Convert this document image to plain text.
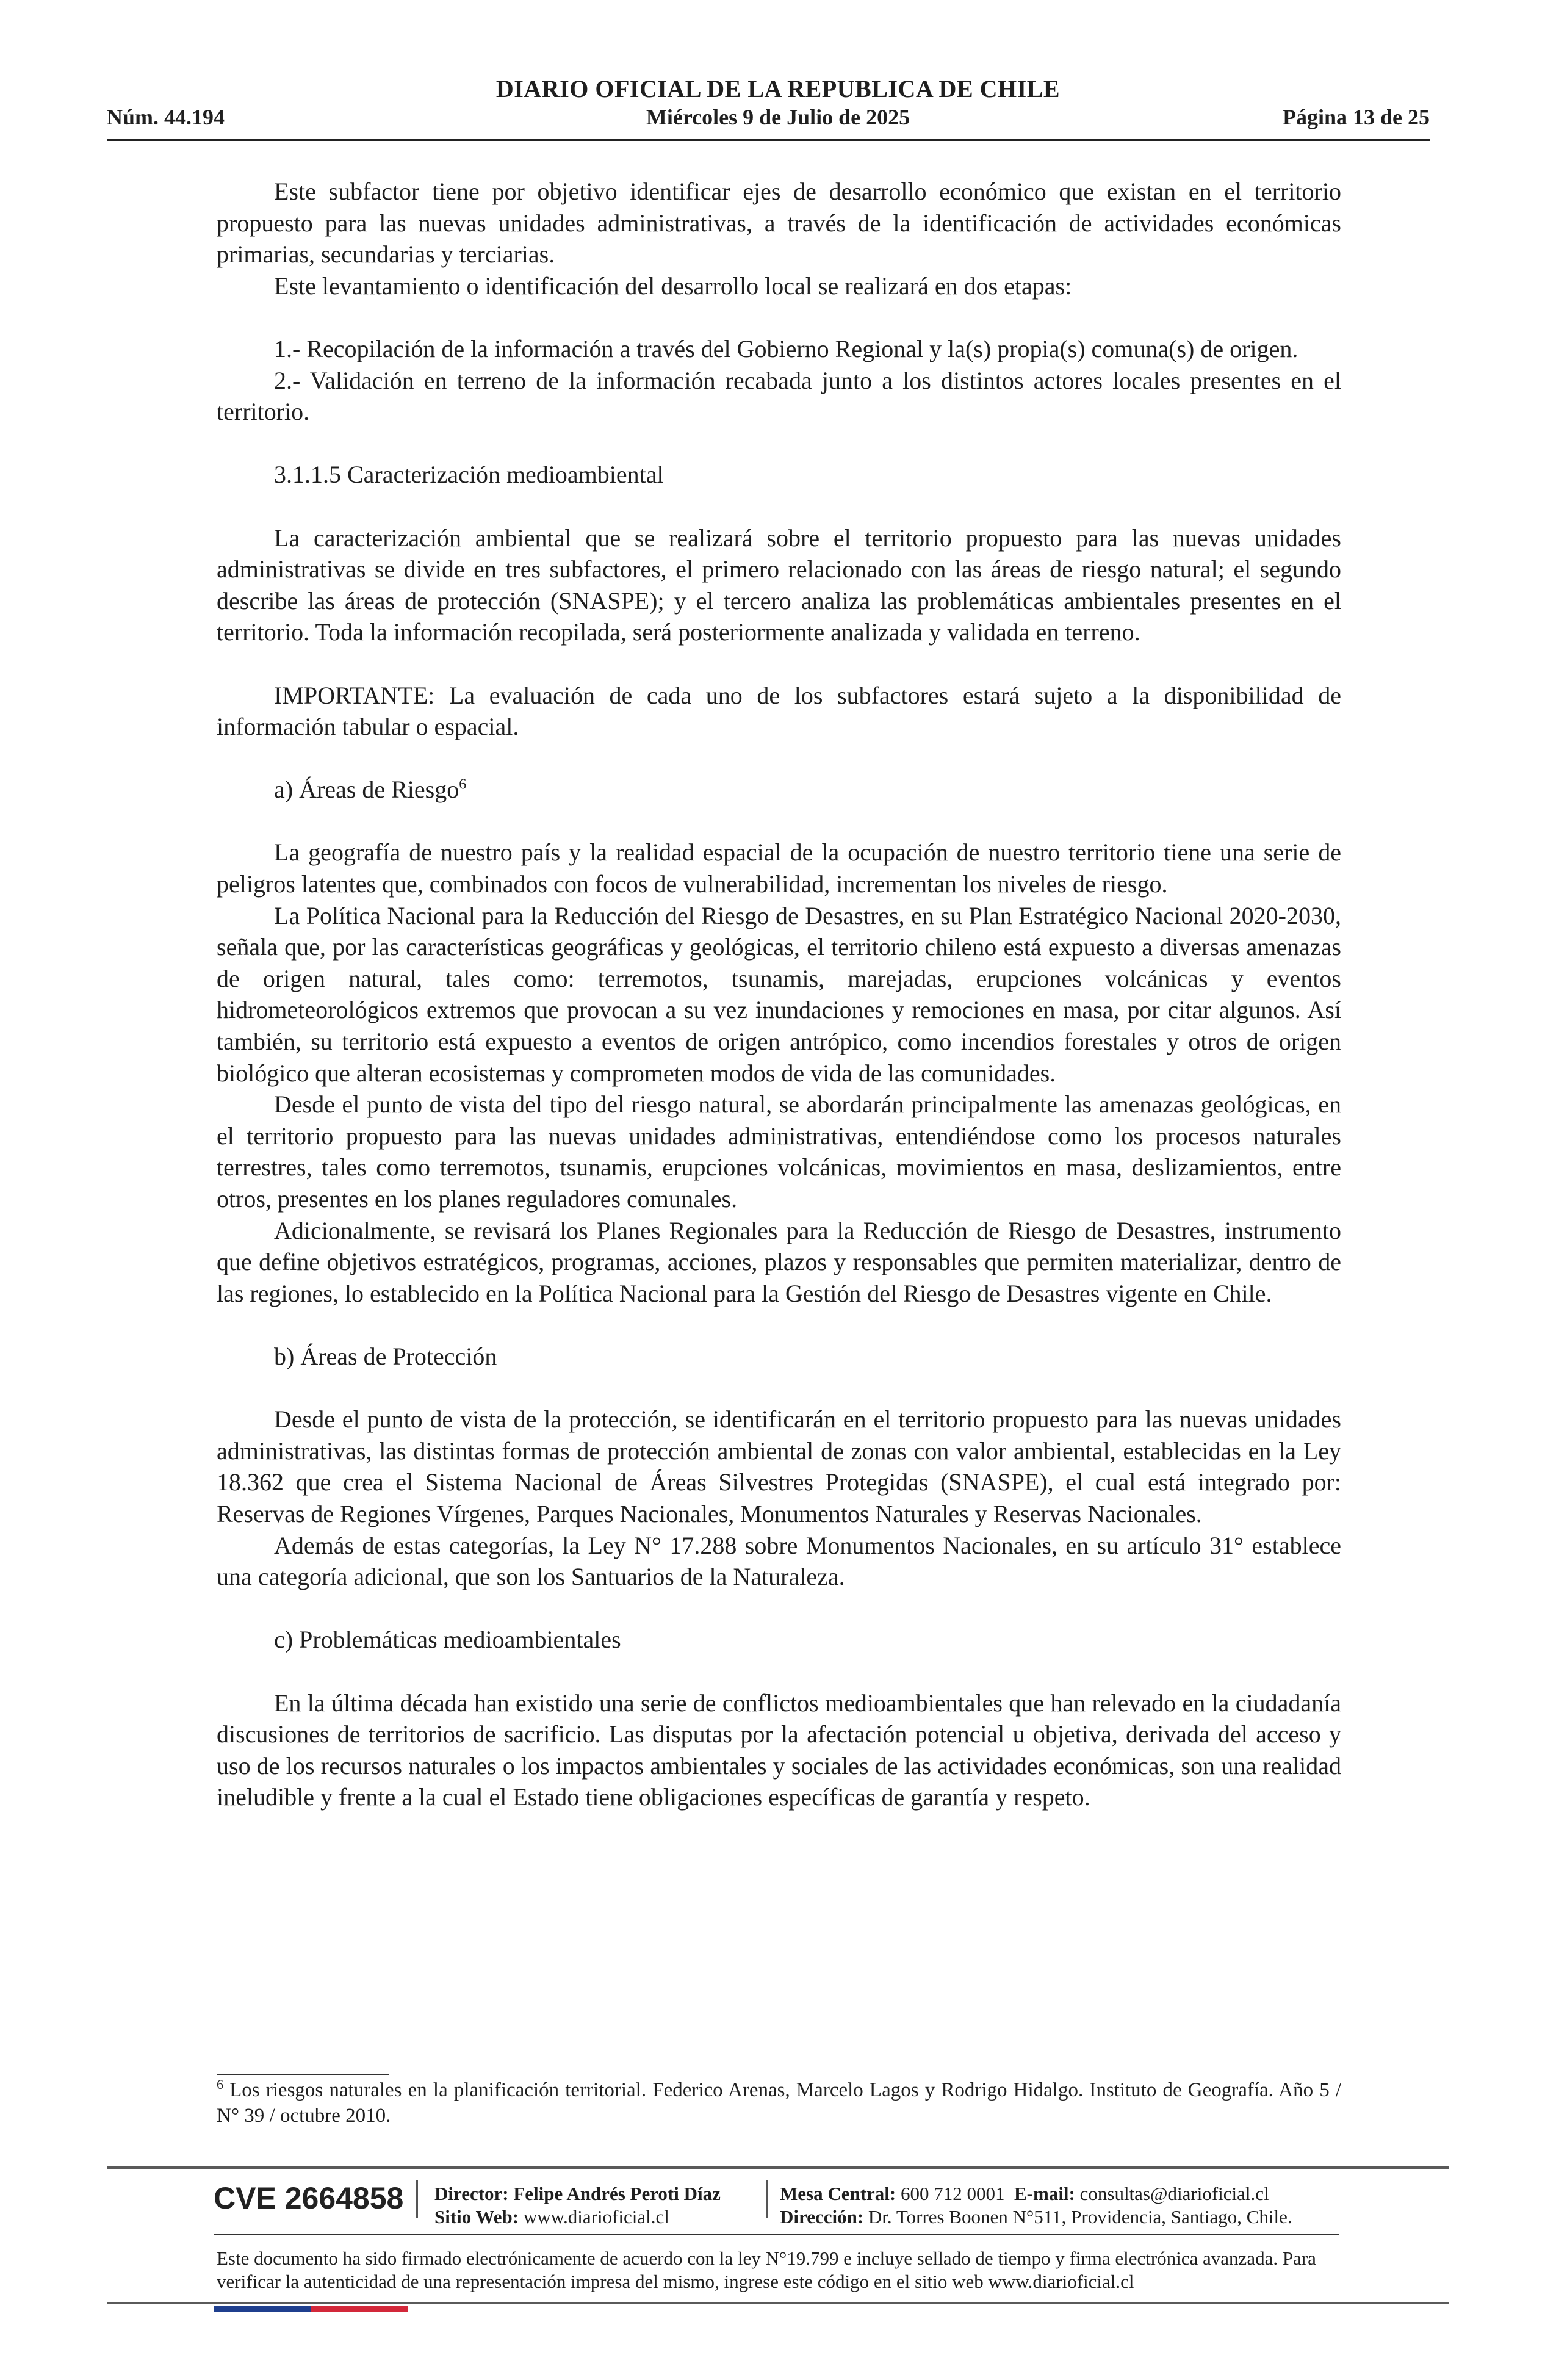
DIARIO OFICIAL DE LA REPUBLICA DE CHILE
Núm. 44.194	Miércoles 9 de Julio de 2025	Página 13 de 25

Este subfactor tiene por objetivo identificar ejes de desarrollo económico que existan en el territorio propuesto para las nuevas unidades administrativas, a través de la identificación de actividades económicas primarias, secundarias y terciarias.

Este levantamiento o identificación del desarrollo local se realizará en dos etapas:

1.- Recopilación de la información a través del Gobierno Regional y la(s) propia(s) comuna(s) de origen.

2.- Validación en terreno de la información recabada junto a los distintos actores locales presentes en el territorio.

3.1.1.5 Caracterización medioambiental

La caracterización ambiental que se realizará sobre el territorio propuesto para las nuevas unidades administrativas se divide en tres subfactores, el primero relacionado con las áreas de riesgo natural; el segundo describe las áreas de protección (SNASPE); y el tercero analiza las problemáticas ambientales presentes en el territorio. Toda la información recopilada, será posteriormente analizada y validada en terreno.

IMPORTANTE: La evaluación de cada uno de los subfactores estará sujeto a la disponibilidad de información tabular o espacial.

a) Áreas de Riesgo$^6$

La geografía de nuestro país y la realidad espacial de la ocupación de nuestro territorio tiene una serie de peligros latentes que, combinados con focos de vulnerabilidad, incrementan los niveles de riesgo.

La Política Nacional para la Reducción del Riesgo de Desastres, en su Plan Estratégico Nacional 2020-2030, señala que, por las características geográficas y geológicas, el territorio chileno está expuesto a diversas amenazas de origen natural, tales como: terremotos, tsunamis, marejadas, erupciones volcánicas y eventos hidrometeorológicos extremos que provocan a su vez inundaciones y remociones en masa, por citar algunos. Así también, su territorio está expuesto a eventos de origen antrópico, como incendios forestales y otros de origen biológico que alteran ecosistemas y comprometen modos de vida de las comunidades.

Desde el punto de vista del tipo del riesgo natural, se abordarán principalmente las amenazas geológicas, en el territorio propuesto para las nuevas unidades administrativas, entendiéndose como los procesos naturales terrestres, tales como terremotos, tsunamis, erupciones volcánicas, movimientos en masa, deslizamientos, entre otros, presentes en los planes reguladores comunales.

Adicionalmente, se revisará los Planes Regionales para la Reducción de Riesgo de Desastres, instrumento que define objetivos estratégicos, programas, acciones, plazos y responsables que permiten materializar, dentro de las regiones, lo establecido en la Política Nacional para la Gestión del Riesgo de Desastres vigente en Chile.

b) Áreas de Protección

Desde el punto de vista de la protección, se identificarán en el territorio propuesto para las nuevas unidades administrativas, las distintas formas de protección ambiental de zonas con valor ambiental, establecidas en la Ley 18.362 que crea el Sistema Nacional de Áreas Silvestres Protegidas (SNASPE), el cual está integrado por: Reservas de Regiones Vírgenes, Parques Nacionales, Monumentos Naturales y Reservas Nacionales.

Además de estas categorías, la Ley N° 17.288 sobre Monumentos Nacionales, en su artículo 31° establece una categoría adicional, que son los Santuarios de la Naturaleza.

c) Problemáticas medioambientales

En la última década han existido una serie de conflictos medioambientales que han relevado en la ciudadanía discusiones de territorios de sacrificio. Las disputas por la afectación potencial u objetiva, derivada del acceso y uso de los recursos naturales o los impactos ambientales y sociales de las actividades económicas, son una realidad ineludible y frente a la cual el Estado tiene obligaciones específicas de garantía y respeto.

$^6$ Los riesgos naturales en la planificación territorial. Federico Arenas, Marcelo Lagos y Rodrigo Hidalgo. Instituto de Geografía. Año 5 / N° 39 / octubre 2010.
CVE 2664858 Director: Felipe Andrés Peroti Díaz
Sitio Web: www.diarioficial.cl
Mesa Central: 600 712 0001 E-mail: consultas@diarioficial.cl
Dirección: Dr. Torres Boonen N°511, Providencia, Santiago, Chile.
Este documento ha sido firmado electrónicamente de acuerdo con la ley N°19.799 e incluye sellado de tiempo y firma electrónica avanzada. Para verificar la autenticidad de una representación impresa del mismo, ingrese este código en el sitio web www.diarioficial.cl
